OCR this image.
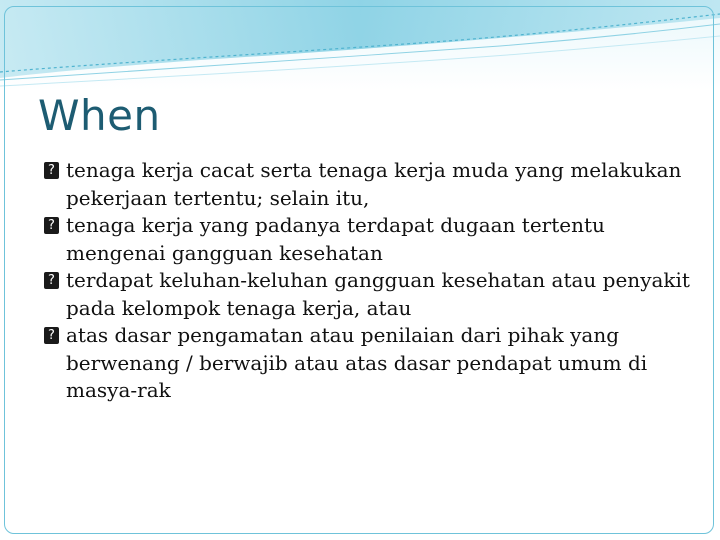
When
? tenaga kerja cacat serta tenaga kerja muda yang melakukan pekerjaan tertentu; selain itu,
? tenaga kerja yang padanya terdapat dugaan tertentu mengenai gangguan kesehatan
? terdapat keluhan-keluhan gangguan kesehatan atau penyakit pada kelompok tenaga kerja, atau
? atas dasar pengamatan atau penilaian dari pihak yang berwenang / berwajib atau atas dasar pendapat umum di masya-rak
